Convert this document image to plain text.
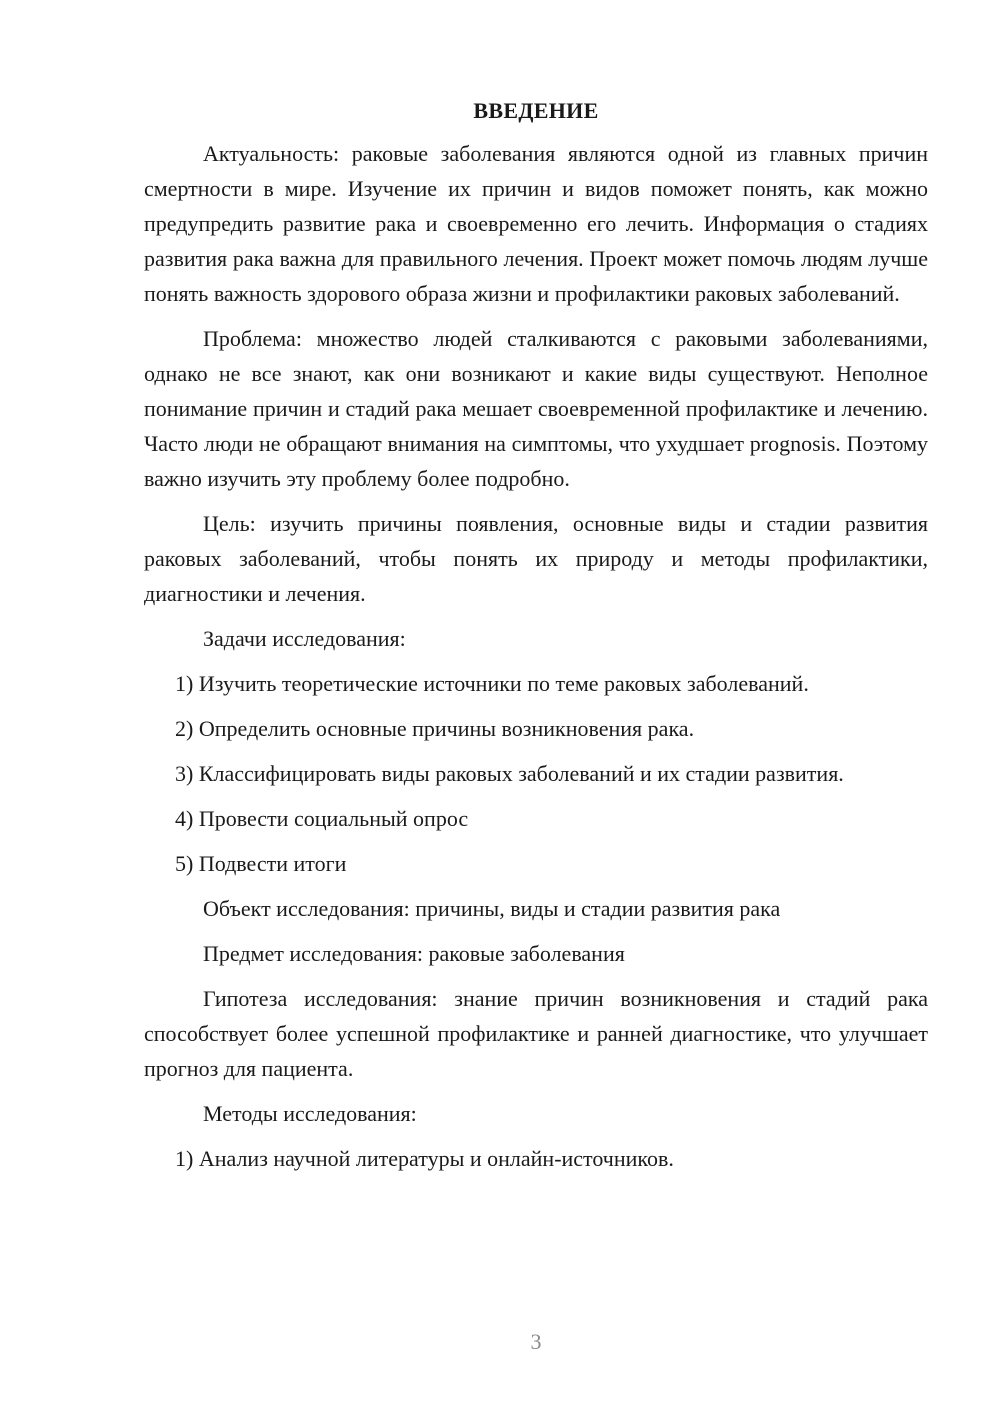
ВВЕДЕНИЕ

Актуальность: раковые заболевания являются одной из главных причин смертности в мире. Изучение их причин и видов поможет понять, как можно предупредить развитие рака и своевременно его лечить. Информация о стадиях развития рака важна для правильного лечения. Проект может помочь людям лучше понять важность здорового образа жизни и профилактики раковых заболеваний.

Проблема: множество людей сталкиваются с раковыми заболеваниями, однако не все знают, как они возникают и какие виды существуют. Неполное понимание причин и стадий рака мешает своевременной профилактике и лечению. Часто люди не обращают внимания на симптомы, что ухудшает prognosis. Поэтому важно изучить эту проблему более подробно.

Цель: изучить причины появления, основные виды и стадии развития раковых заболеваний, чтобы понять их природу и методы профилактики, диагностики и лечения.

Задачи исследования:

1) Изучить теоретические источники по теме раковых заболеваний.

2) Определить основные причины возникновения рака.

3) Классифицировать виды раковых заболеваний и их стадии развития.

4) Провести социальный опрос

5) Подвести итоги

Объект исследования: причины, виды и стадии развития рака

Предмет исследования: раковые заболевания

Гипотеза исследования: знание причин возникновения и стадий рака способствует более успешной профилактике и ранней диагностике, что улучшает прогноз для пациента.

Методы исследования:

1) Анализ научной литературы и онлайн-источников.

3
